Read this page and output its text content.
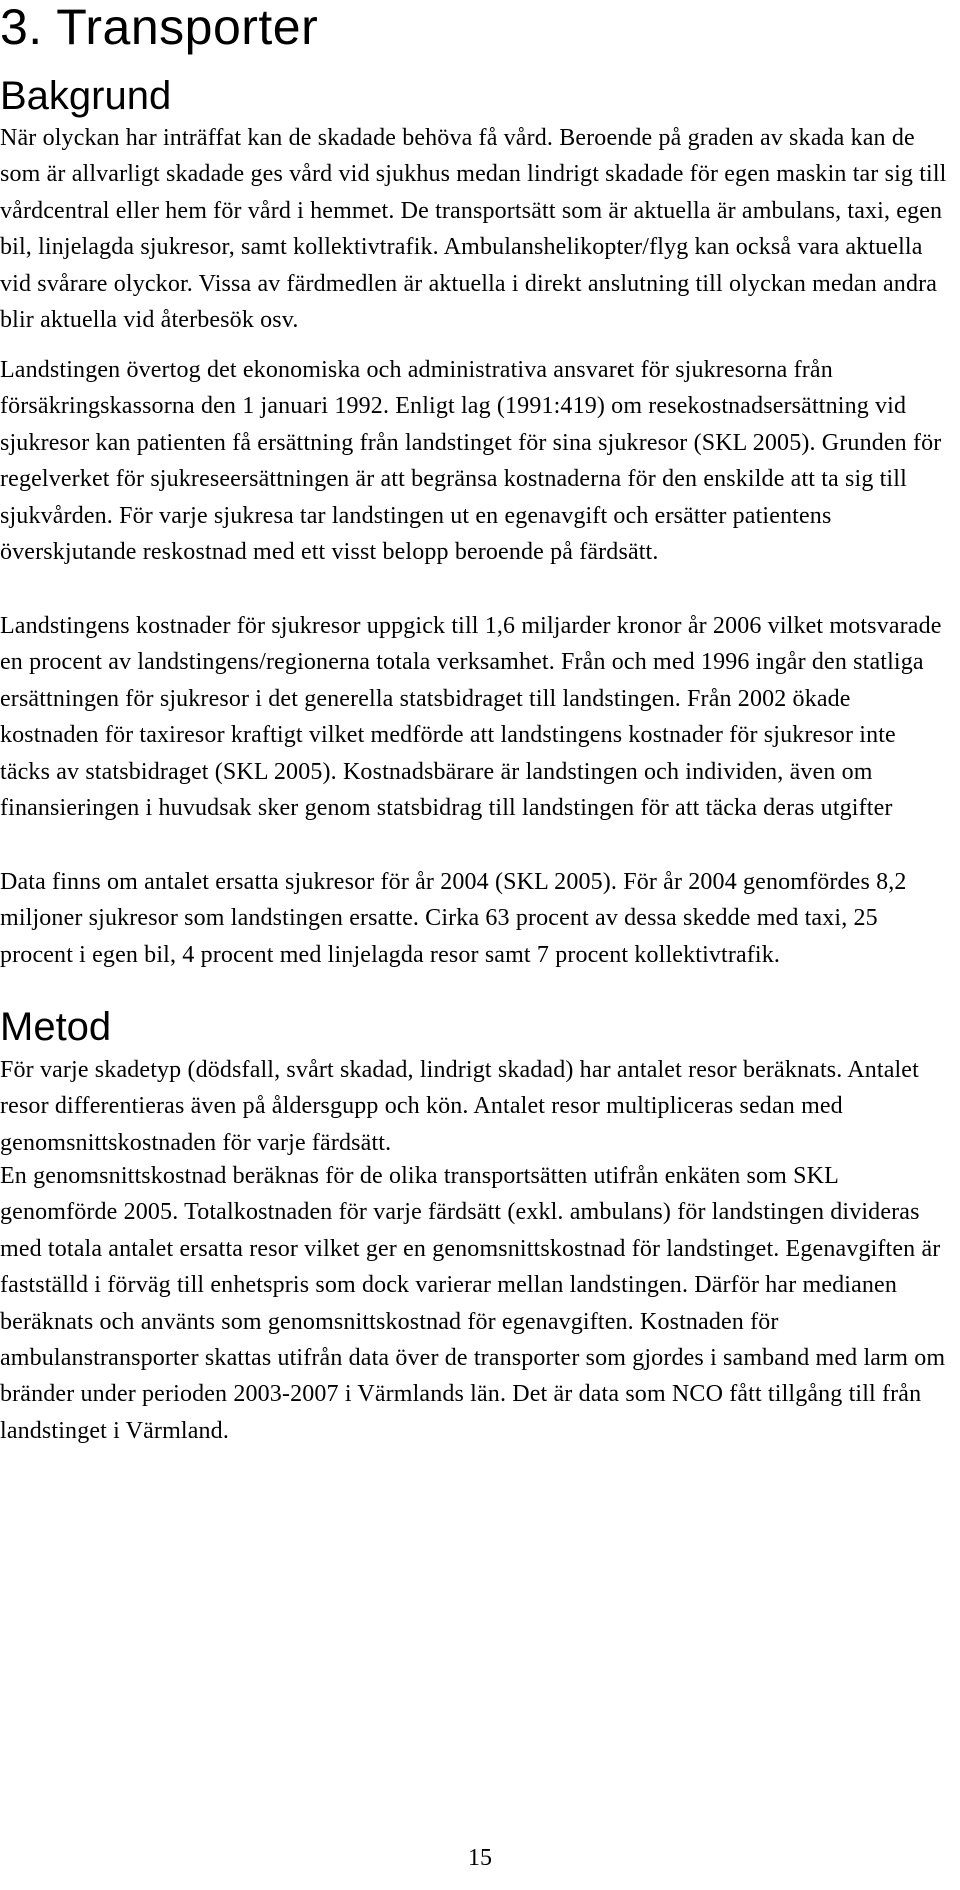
3. Transporter
Bakgrund

När olyckan har inträffat kan de skadade behöva få vård. Beroende på graden av skada kan de som är allvarligt skadade ges vård vid sjukhus medan lindrigt skadade för egen maskin tar sig till vårdcentral eller hem för vård i hemmet. De transportsätt som är aktuella är ambulans, taxi, egen bil, linjelagda sjukresor, samt kollektivtrafik. Ambulanshelikopter/flyg kan också vara aktuella vid svårare olyckor. Vissa av färdmedlen är aktuella i direkt anslutning till olyckan medan andra blir aktuella vid återbesök osv.

Landstingen övertog det ekonomiska och administrativa ansvaret för sjukresorna från försäkringskassorna den 1 januari 1992. Enligt lag (1991:419) om resekostnadsersättning vid sjukresor kan patienten få ersättning från landstinget för sina sjukresor (SKL 2005). Grunden för regelverket för sjukreseersättningen är att begränsa kostnaderna för den enskilde att ta sig till sjukvården. För varje sjukresa tar landstingen ut en egenavgift och ersätter patientens överskjutande reskostnad med ett visst belopp beroende på färdsätt.

Landstingens kostnader för sjukresor uppgick till 1,6 miljarder kronor år 2006 vilket motsvarade en procent av landstingens/regionerna totala verksamhet. Från och med 1996 ingår den statliga ersättningen för sjukresor i det generella statsbidraget till landstingen. Från 2002 ökade kostnaden för taxiresor kraftigt vilket medförde att landstingens kostnader för sjukresor inte täcks av statsbidraget (SKL 2005). Kostnadsbärare är landstingen och individen, även om finansieringen i huvudsak sker genom statsbidrag till landstingen för att täcka deras utgifter

Data finns om antalet ersatta sjukresor för år 2004 (SKL 2005). För år 2004 genomfördes 8,2 miljoner sjukresor som landstingen ersatte. Cirka 63 procent av dessa skedde med taxi, 25 procent i egen bil, 4 procent med linjelagda resor samt 7 procent kollektivtrafik.

Metod

För varje skadetyp (dödsfall, svårt skadad, lindrigt skadad) har antalet resor beräknats. Antalet resor differentieras även på åldersgupp och kön. Antalet resor multipliceras sedan med genomsnittskostnaden för varje färdsätt.

En genomsnittskostnad beräknas för de olika transportsätten utifrån enkäten som SKL genomförde 2005. Totalkostnaden för varje färdsätt (exkl. ambulans) för landstingen divideras med totala antalet ersatta resor vilket ger en genomsnittskostnad för landstinget. Egenavgiften är fastställd i förväg till enhetspris som dock varierar mellan landstingen. Därför har medianen beräknats och använts som genomsnittskostnad för egenavgiften. Kostnaden för ambulanstransporter skattas utifrån data över de transporter som gjordes i samband med larm om bränder under perioden 2003-2007 i Värmlands län. Det är data som NCO fått tillgång till från landstinget i Värmland.

15
